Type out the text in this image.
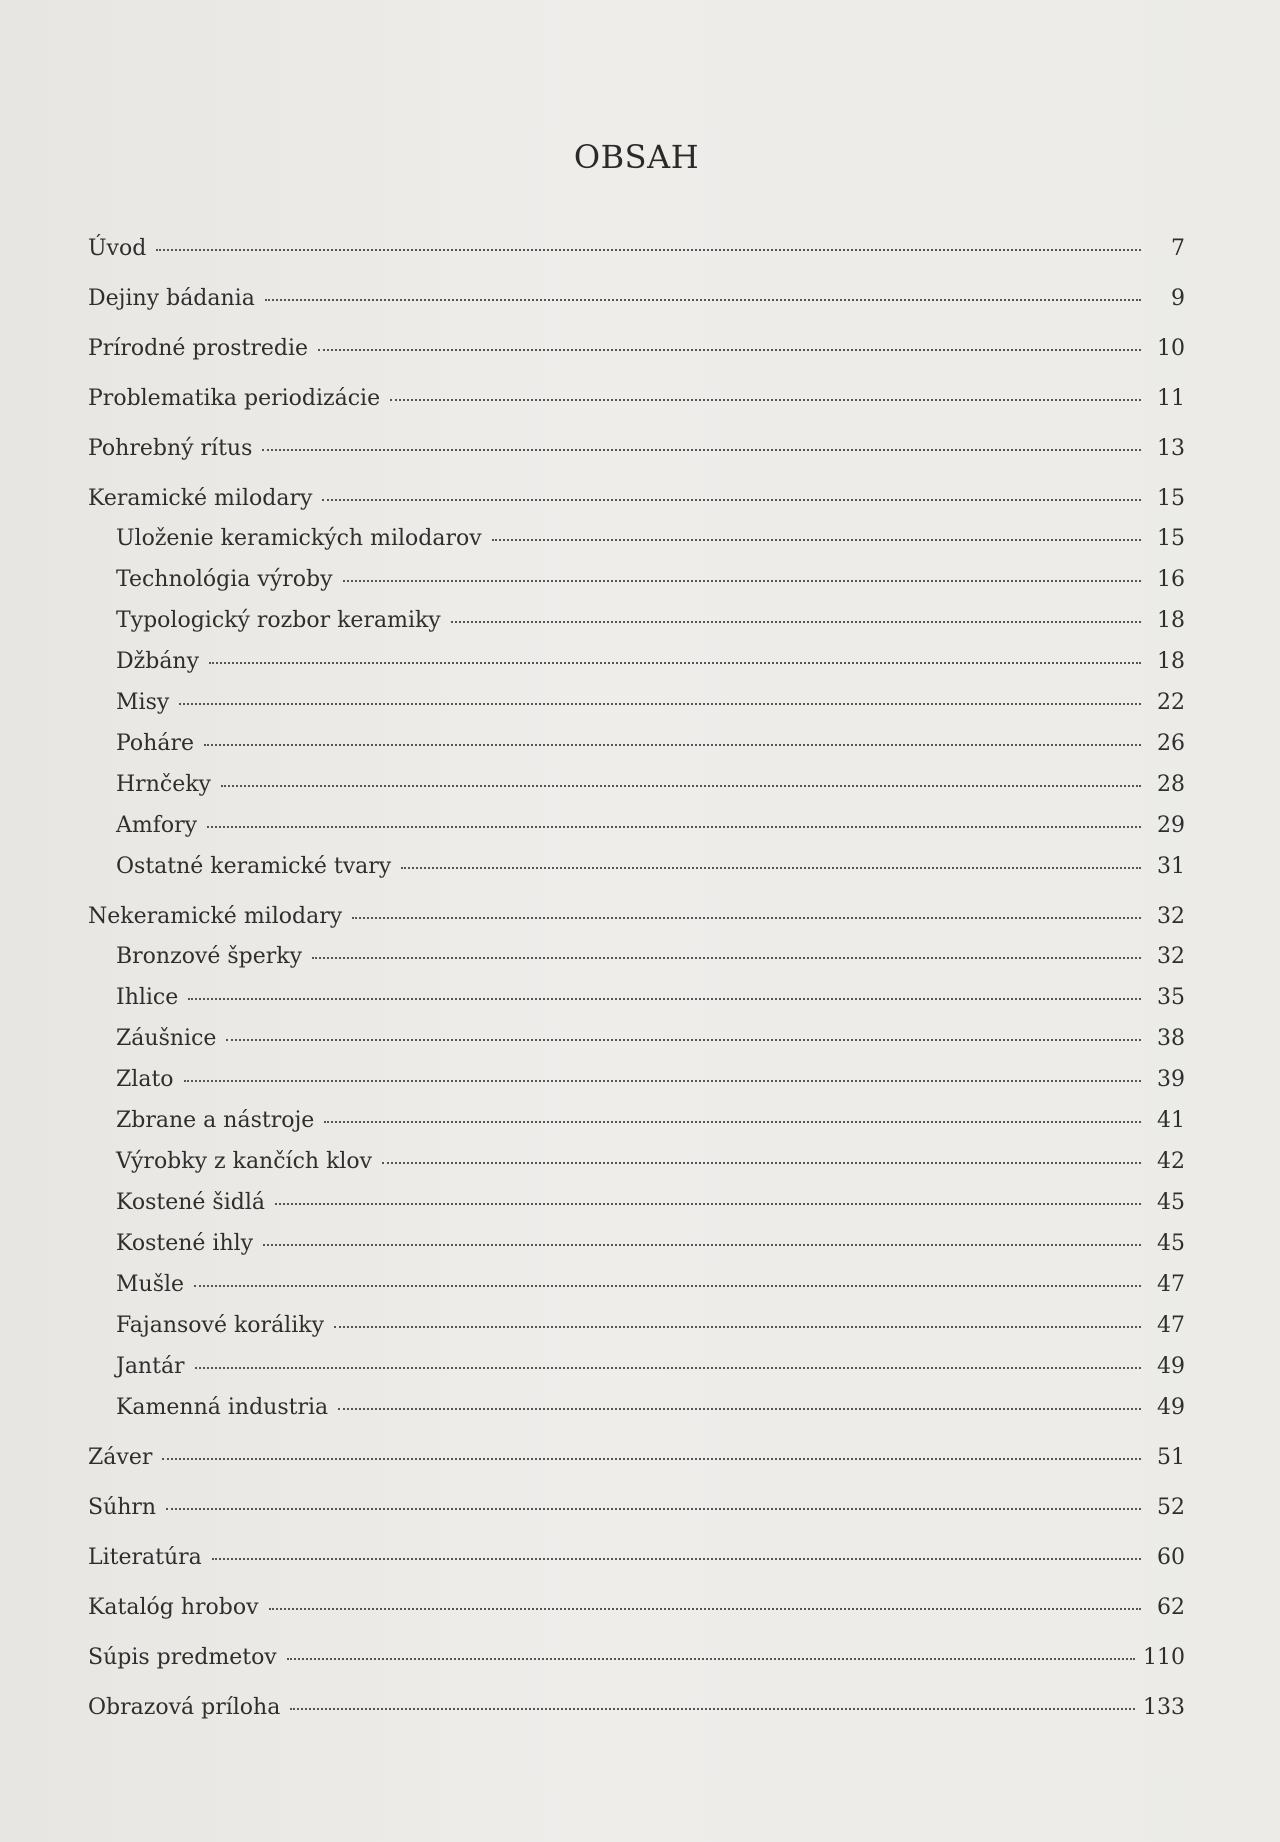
OBSAH
Úvod	7
Dejiny bádania	9
Prírodné prostredie	10
Problematika periodizácie	11
Pohrebný rítus	13
Keramické milodary	15
Uloženie keramických milodarov	15
Technológia výroby	16
Typologický rozbor keramiky	18
Džbány	18
Misy	22
Poháre	26
Hrnčeky	28
Amfory	29
Ostatné keramické tvary	31
Nekeramické milodary	32
Bronzové šperky	32
Ihlice	35
Záušnice	38
Zlato	39
Zbrane a nástroje	41
Výrobky z kančích klov	42
Kostené šidlá	45
Kostené ihly	45
Mušle	47
Fajansové koráliky	47
Jantár	49
Kamenná industria	49
Záver	51
Súhrn	52
Literatúra	60
Katalóg hrobov	62
Súpis predmetov	110
Obrazová príloha	133
